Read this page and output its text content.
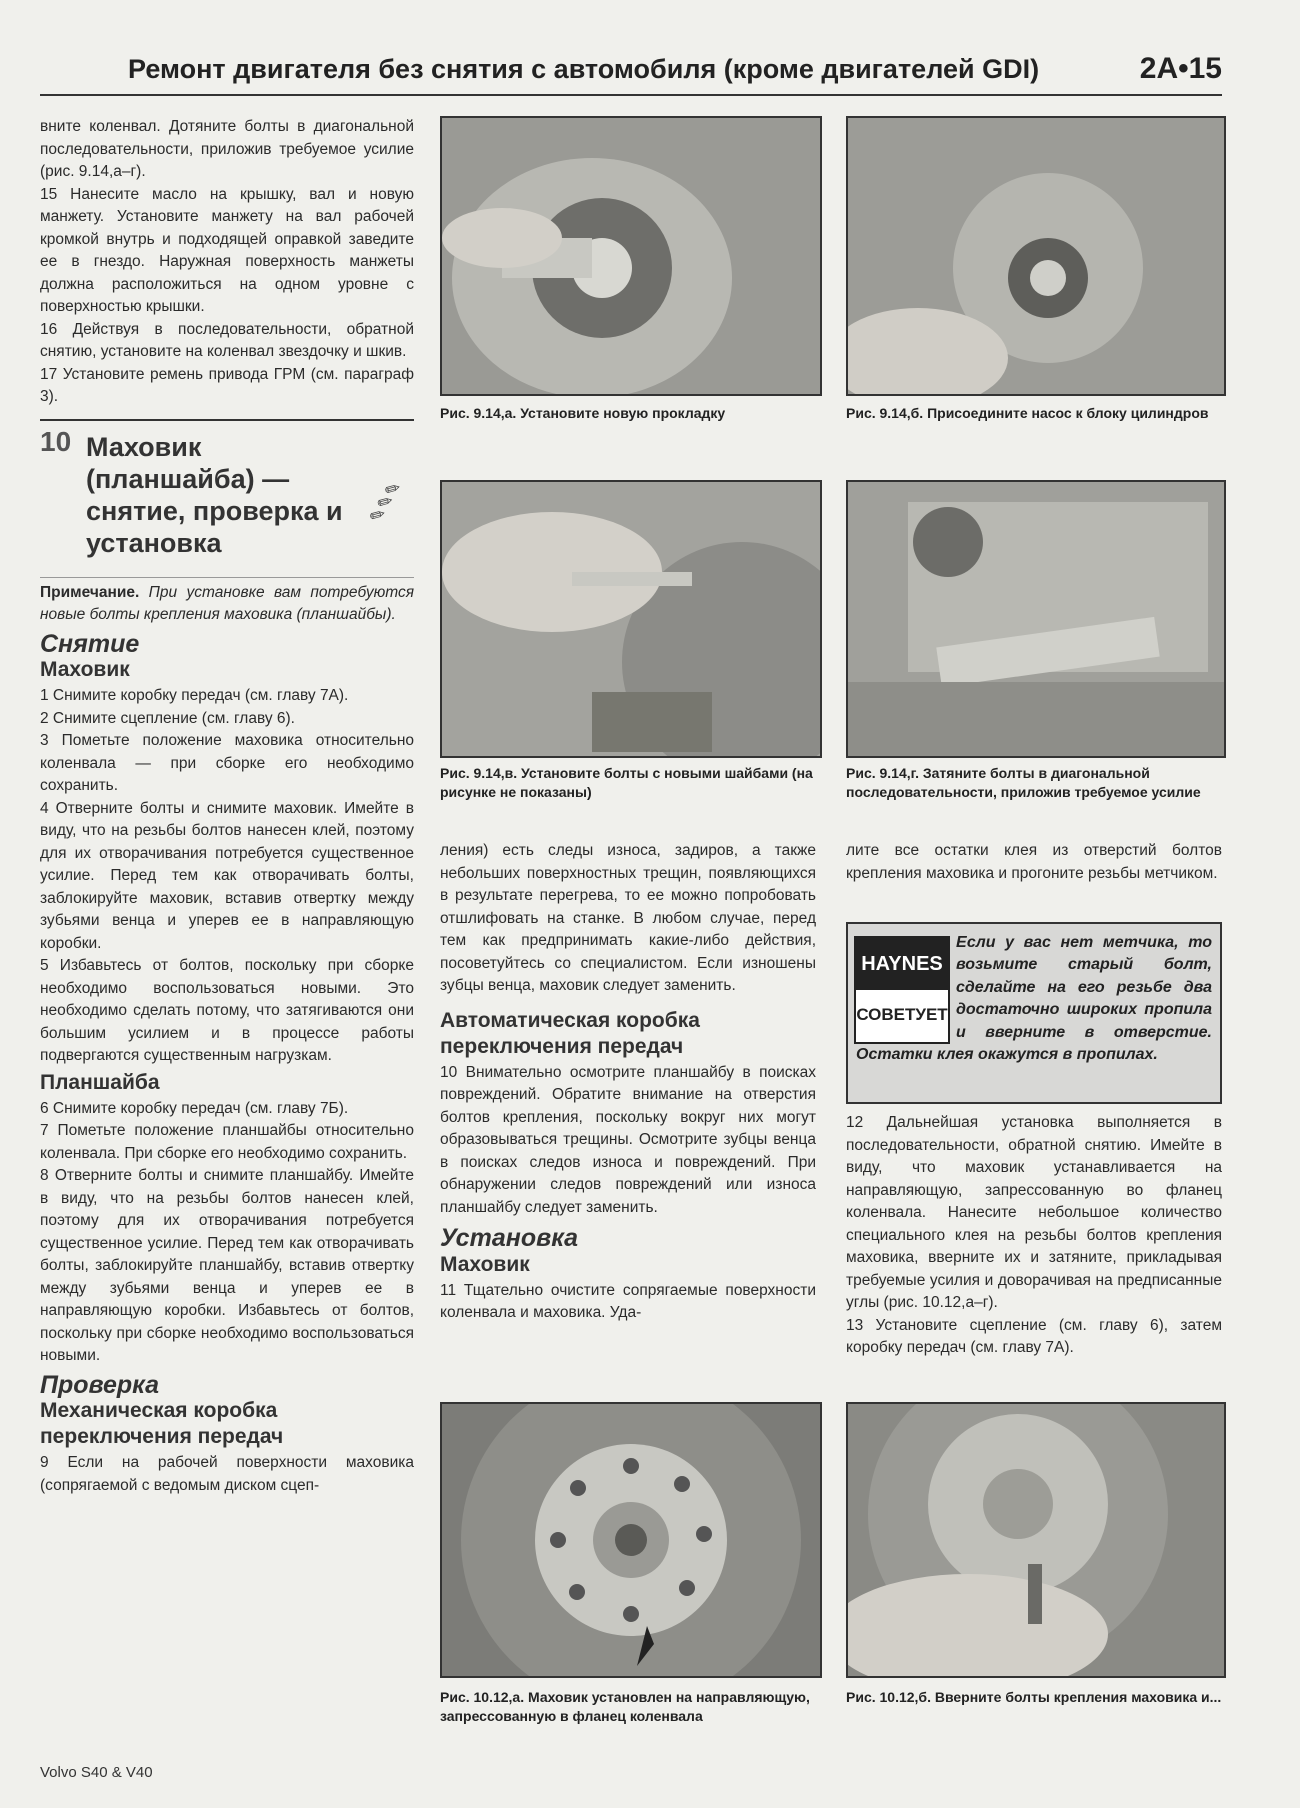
Ремонт двигателя без снятия с автомобиля (кроме двигателей GDI)	2A•15

вните коленвал. Дотяните болты в диагональной последовательности, приложив требуемое усилие (рис. 9.14,а–г).
15 Нанесите масло на крышку, вал и новую манжету. Установите манжету на вал рабочей кромкой внутрь и подходящей оправкой заведите ее в гнездо. Наружная поверхность манжеты должна расположиться на одном уровне с поверхностью крышки.
16 Действуя в последовательности, обратной снятию, установите на коленвал звездочку и шкив.
17 Установите ремень привода ГРМ (см. параграф 3).

10 Маховик (планшайба) — снятие, проверка и установка
✎✎✎

Примечание. При установке вам потребуются новые болты крепления маховика (планшайбы).

Снятие
Маховик

1 Снимите коробку передач (см. главу 7А).
2 Снимите сцепление (см. главу 6).
3 Пометьте положение маховика относительно коленвала — при сборке его необходимо сохранить.
4 Отверните болты и снимите маховик. Имейте в виду, что на резьбы болтов нанесен клей, поэтому для их отворачивания потребуется существенное усилие. Перед тем как отворачивать болты, заблокируйте маховик, вставив отвертку между зубьями венца и уперев ее в направляющую коробки.
5 Избавьтесь от болтов, поскольку при сборке необходимо воспользоваться новыми. Это необходимо сделать потому, что затягиваются они большим усилием и в процессе работы подвергаются существенным нагрузкам.

Планшайба

6 Снимите коробку передач (см. главу 7Б).
7 Пометьте положение планшайбы относительно коленвала. При сборке его необходимо сохранить.
8 Отверните болты и снимите планшайбу. Имейте в виду, что на резьбы болтов нанесен клей, поэтому для их отворачивания потребуется существенное усилие. Перед тем как отворачивать болты, заблокируйте планшайбу, вставив отвертку между зубьями венца и уперев ее в направляющую коробки. Избавьтесь от болтов, поскольку при сборке необходимо воспользоваться новыми.

Проверка
Механическая коробка переключения передач

9 Если на рабочей поверхности маховика (сопрягаемой с ведомым диском сцеп-

Рис. 9.14,а. Установите новую прокладку	Рис. 9.14,б. Присоедините насос к блоку цилиндров
Рис. 9.14,в. Установите болты с новыми шайбами (на рисунке не показаны)
Рис. 9.14,г. Затяните болты в диагональной последовательности, приложив требуемое усилие

ления) есть следы износа, задиров, а также небольших поверхностных трещин, появляющихся в результате перегрева, то ее можно попробовать отшлифовать на станке. В любом случае, перед тем как предпринимать какие-либо действия, посоветуйтесь со специалистом. Если изношены зубцы венца, маховик следует заменить.

Автоматическая коробка переключения передач

10 Внимательно осмотрите планшайбу в поисках повреждений. Обратите внимание на отверстия болтов крепления, поскольку вокруг них могут образовываться трещины. Осмотрите зубцы венца в поисках следов износа и повреждений. При обнаружении следов повреждений или износа планшайбу следует заменить.

Установка
Маховик

11 Тщательно очистите сопрягаемые поверхности коленвала и маховика. Уда-

лите все остатки клея из отверстий болтов крепления маховика и прогоните резьбы метчиком.

Если у вас нет метчика, то возьмите старый болт, сделайте на его резьбе два достаточно широких пропила и вверните в отверстие. Остатки клея окажутся в пропилах.
HAYNES
СОВЕТУЕТ

12 Дальнейшая установка выполняется в последовательности, обратной снятию. Имейте в виду, что маховик устанавливается на направляющую, запрессованную во фланец коленвала. Нанесите небольшое количество специального клея на резьбы болтов крепления маховика, вверните их и затяните, прикладывая требуемые усилия и доворачивая на предписанные углы (рис. 10.12,а–г).

13 Установите сцепление (см. главу 6), затем коробку передач (см. главу 7А).

Рис. 10.12,а. Маховик установлен на направляющую, запрессованную в фланец коленвала
Рис. 10.12,б. Вверните болты крепления маховика и...
Volvo S40 & V40
